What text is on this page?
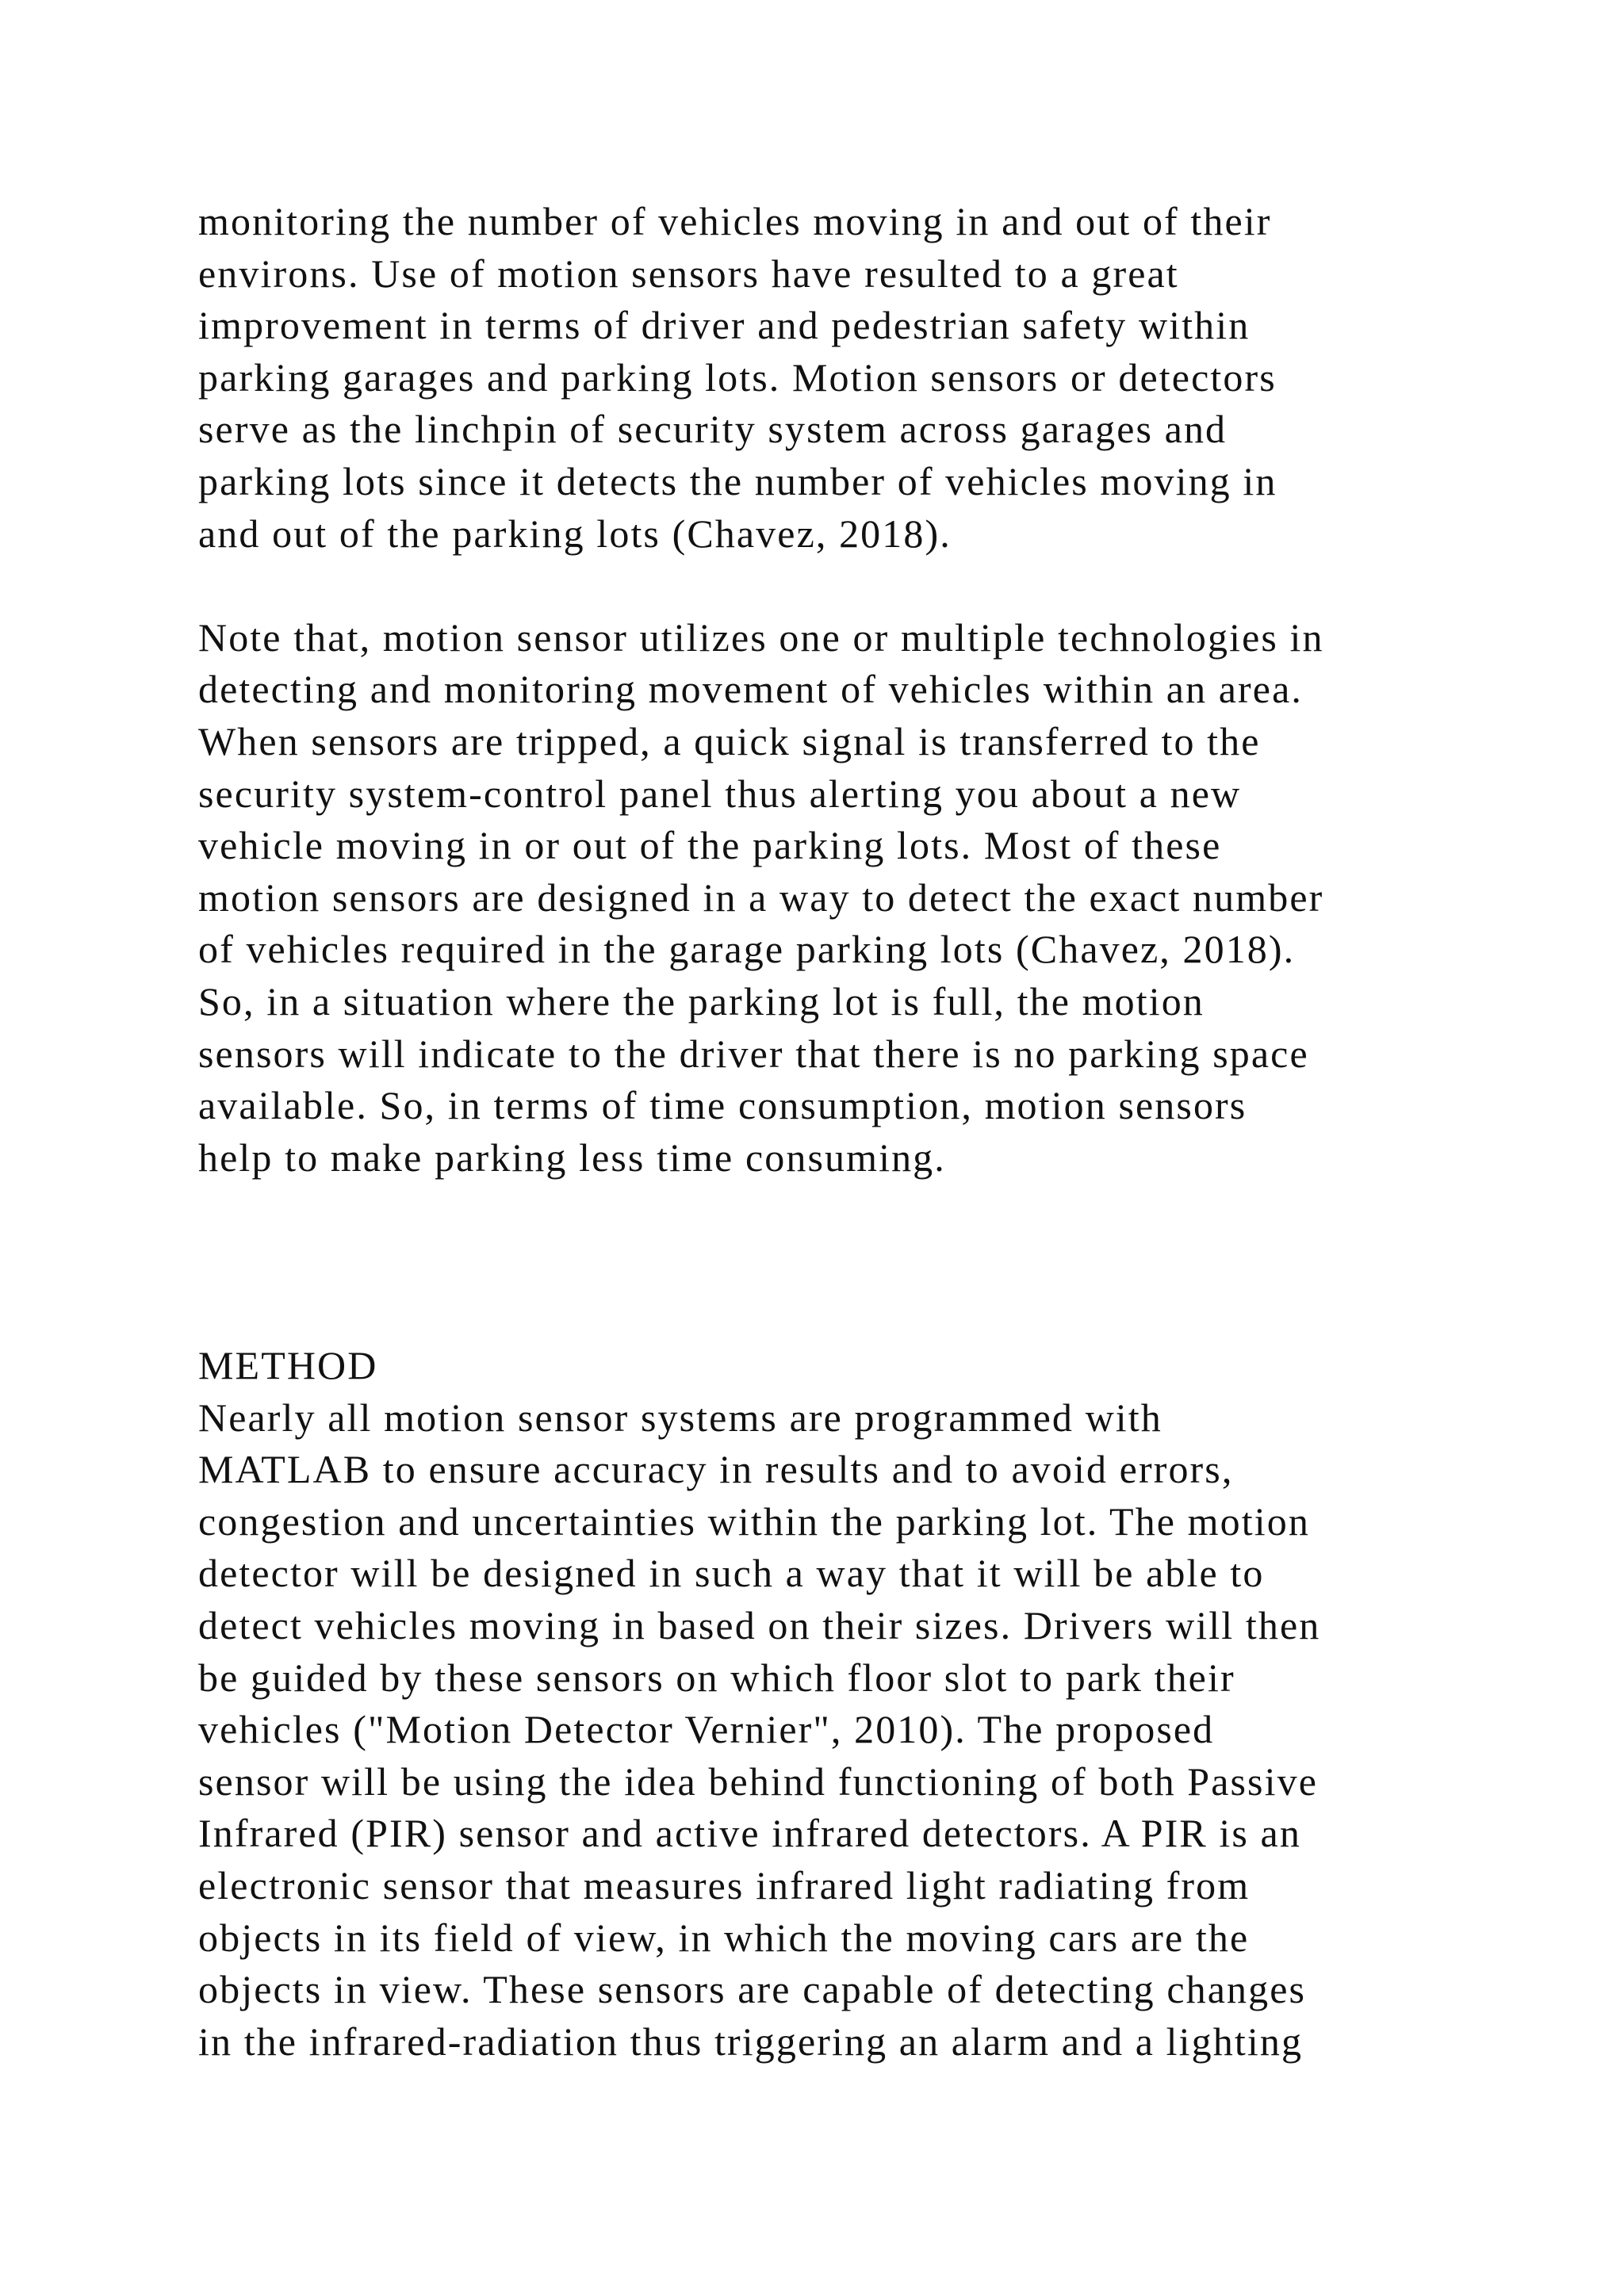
monitoring the number of vehicles moving in and out of their
environs. Use of motion sensors have resulted to a great
improvement in terms of driver and pedestrian safety within
parking garages and parking lots. Motion sensors or detectors
serve as the linchpin of security system across garages and
parking lots since it detects the number of vehicles moving in
and out of the parking lots (Chavez, 2018).
Note that, motion sensor utilizes one or multiple technologies in
detecting and monitoring movement of vehicles within an area.
When sensors are tripped, a quick signal is transferred to the
security system-control panel thus alerting you about a new
vehicle moving in or out of the parking lots. Most of these
motion sensors are designed in a way to detect the exact number
of vehicles required in the garage parking lots (Chavez, 2018).
So, in a situation where the parking lot is full, the motion
sensors will indicate to the driver that there is no parking space
available. So, in terms of time consumption, motion sensors
help to make parking less time consuming.
METHOD
Nearly all motion sensor systems are programmed with
MATLAB to ensure accuracy in results and to avoid errors,
congestion and uncertainties within the parking lot. The motion
detector will be designed in such a way that it will be able to
detect vehicles moving in based on their sizes. Drivers will then
be guided by these sensors on which floor slot to park their
vehicles ("Motion Detector Vernier", 2010). The proposed
sensor will be using the idea behind functioning of both Passive
Infrared (PIR) sensor and active infrared detectors. A PIR is an
electronic sensor that measures infrared light radiating from
objects in its field of view, in which the moving cars are the
objects in view. These sensors are capable of detecting changes
in the infrared-radiation thus triggering an alarm and a lighting
